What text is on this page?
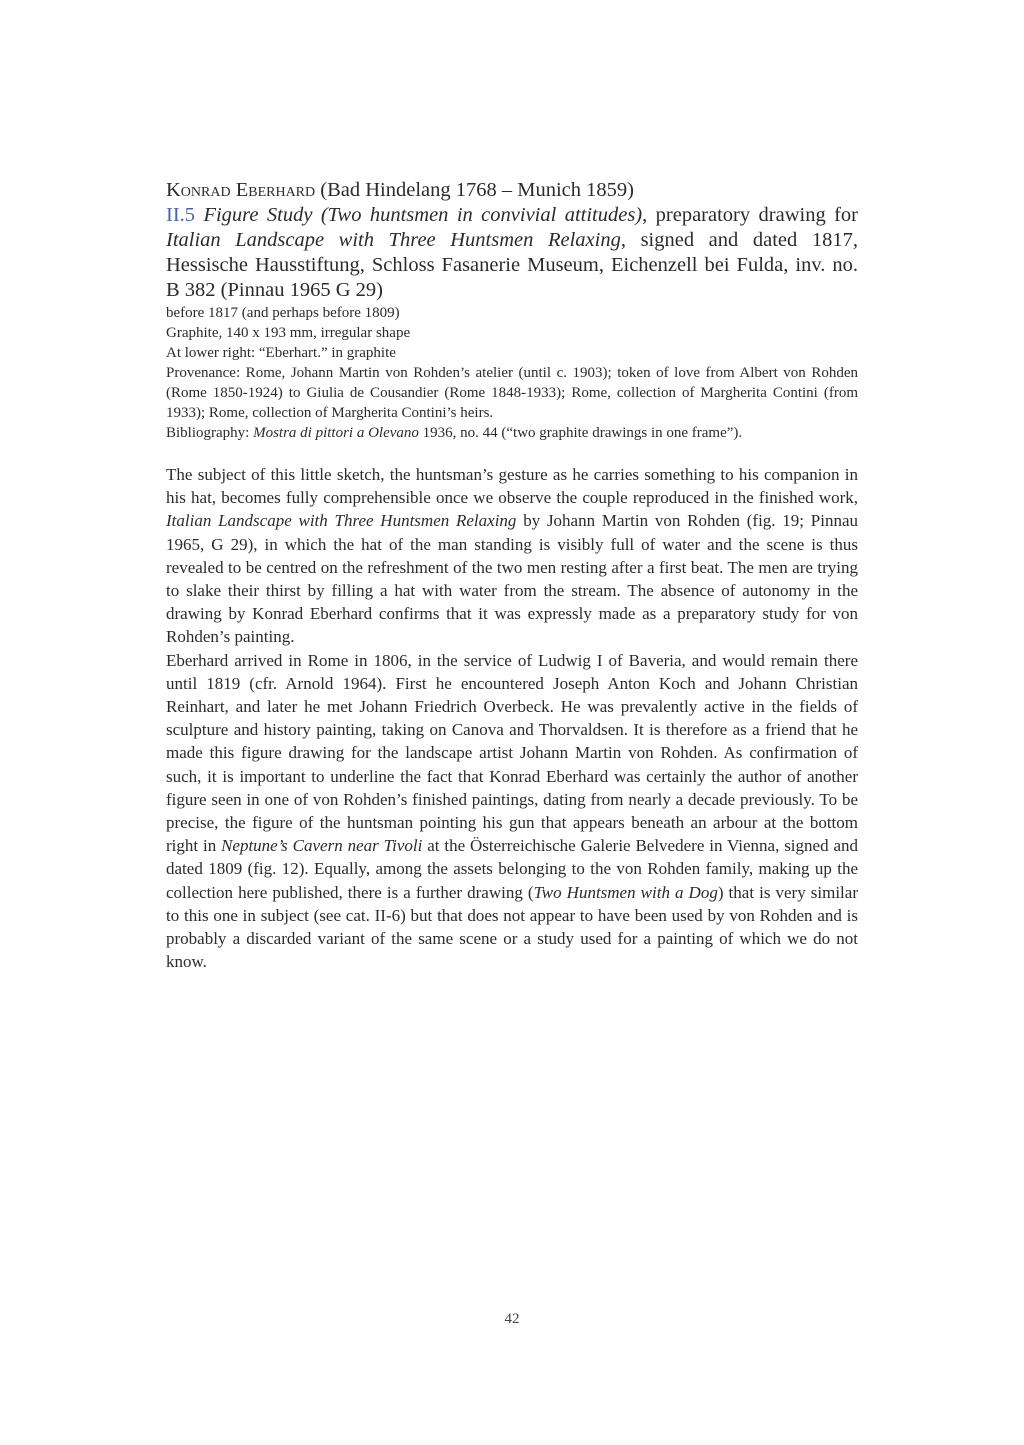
Konrad Eberhard (Bad Hindelang 1768 – Munich 1859)
II.5 Figure Study (Two huntsmen in convivial attitudes), preparatory drawing for Italian Landscape with Three Huntsmen Relaxing, signed and dated 1817, Hessische Hausstiftung, Schloss Fasanerie Museum, Eichenzell bei Fulda, inv. no. B 382 (Pinnau 1965 G 29)

before 1817 (and perhaps before 1809)

Graphite, 140 x 193 mm, irregular shape

At lower right: “Eberhart.” in graphite

Provenance: Rome, Johann Martin von Rohden’s atelier (until c. 1903); token of love from Albert von Rohden (Rome 1850-1924) to Giulia de Cousandier (Rome 1848-1933); Rome, collection of Margherita Contini (from 1933); Rome, collection of Margherita Contini’s heirs.

Bibliography: Mostra di pittori a Olevano 1936, no. 44 (“two graphite drawings in one frame”).

The subject of this little sketch, the huntsman’s gesture as he carries something to his companion in his hat, becomes fully comprehensible once we observe the couple reproduced in the finished work, Italian Landscape with Three Huntsmen Relaxing by Johann Martin von Rohden (fig. 19; Pinnau 1965, G 29), in which the hat of the man standing is visibly full of water and the scene is thus revealed to be centred on the refreshment of the two men resting after a first beat. The men are trying to slake their thirst by filling a hat with water from the stream. The absence of autonomy in the drawing by Konrad Eberhard confirms that it was expressly made as a preparatory study for von Rohden’s painting.

Eberhard arrived in Rome in 1806, in the service of Ludwig I of Baveria, and would remain there until 1819 (cfr. Arnold 1964). First he encountered Joseph Anton Koch and Johann Christian Reinhart, and later he met Johann Friedrich Overbeck. He was prevalently active in the fields of sculpture and history painting, taking on Canova and Thorvaldsen. It is therefore as a friend that he made this figure drawing for the landscape artist Johann Martin von Rohden. As confirmation of such, it is important to underline the fact that Konrad Eberhard was certainly the author of another figure seen in one of von Rohden’s finished paintings, dating from nearly a decade previously. To be precise, the figure of the huntsman pointing his gun that appears beneath an arbour at the bottom right in Neptune’s Cavern near Tivoli at the Österreichische Galerie Belvedere in Vienna, signed and dated 1809 (fig. 12). Equally, among the assets belonging to the von Rohden family, making up the collection here published, there is a further drawing (Two Huntsmen with a Dog) that is very similar to this one in subject (see cat. II-6) but that does not appear to have been used by von Rohden and is probably a discarded variant of the same scene or a study used for a painting of which we do not know.

42
